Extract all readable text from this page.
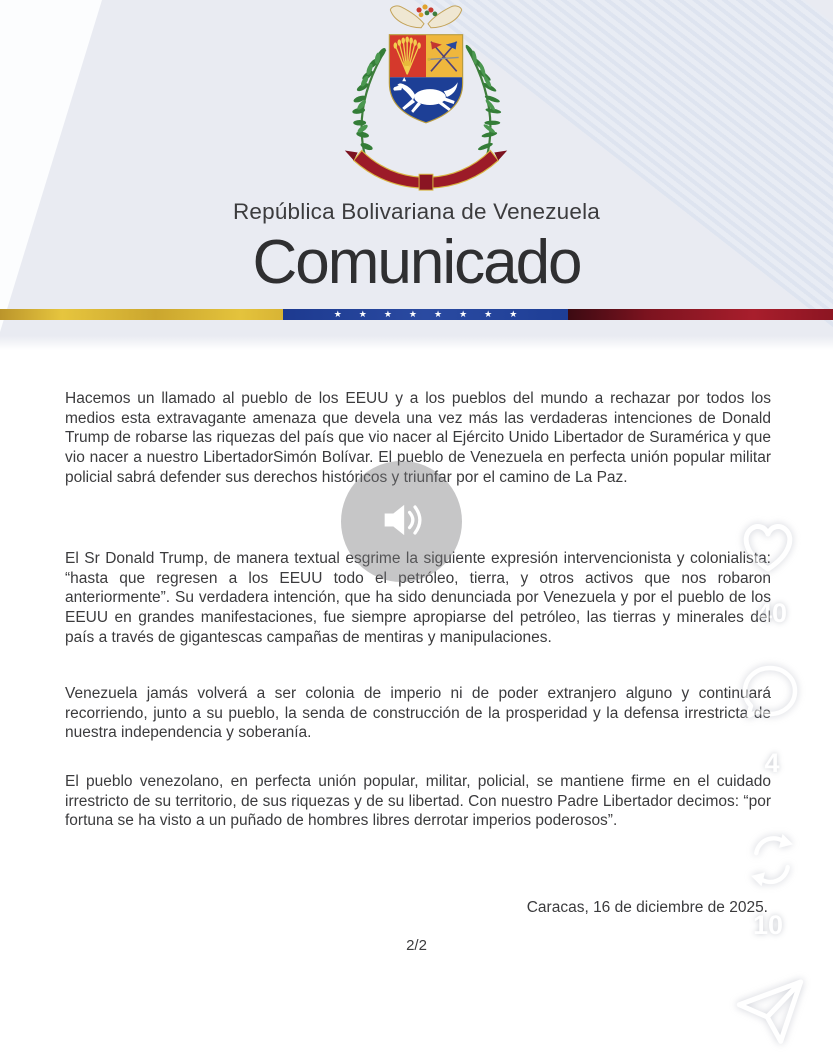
República Bolivariana de Venezuela
Comunicado
★ ★ ★ ★ ★ ★ ★ ★

Hacemos un llamado al pueblo de los EEUU y a los pueblos del mundo a rechazar por todos los medios esta extravagante amenaza que devela una vez más las verdaderas intenciones de Donald Trump de robarse las riquezas del país que vio nacer al Ejército Unido Libertador de Suramérica y que vio nacer a nuestro LibertadorSimón Bolívar. El pueblo de Venezuela en perfecta unión popular militar policial sabrá defender sus derechos históricos y triunfar por el camino de La Paz.

El Sr Donald Trump, de manera textual esgrime la siguiente expresión intervencionista y colonialista: “hasta que regresen a los EEUU todo el petróleo, tierra, y otros activos que nos robaron anteriormente”. Su verdadera intención, que ha sido denunciada por Venezuela y por el pueblo de los EEUU en grandes manifestaciones, fue siempre apropiarse del petróleo, las tierras y minerales del país a través de gigantescas campañas de mentiras y manipulaciones.

Venezuela jamás volverá a ser colonia de imperio ni de poder extranjero alguno y continuará recorriendo, junto a su pueblo, la senda de construcción de la prosperidad y la defensa irrestricta de nuestra independencia y soberanía.

El pueblo venezolano, en perfecta unión popular, militar, policial, se mantiene firme en el cuidado irrestricto de su territorio, de sus riquezas y de su libertad. Con nuestro Padre Libertador decimos: “por fortuna se ha visto a un puñado de hombres libres derrotar imperios poderosos”.

Caracas, 16 de diciembre de 2025.
2/2
40
4
10
